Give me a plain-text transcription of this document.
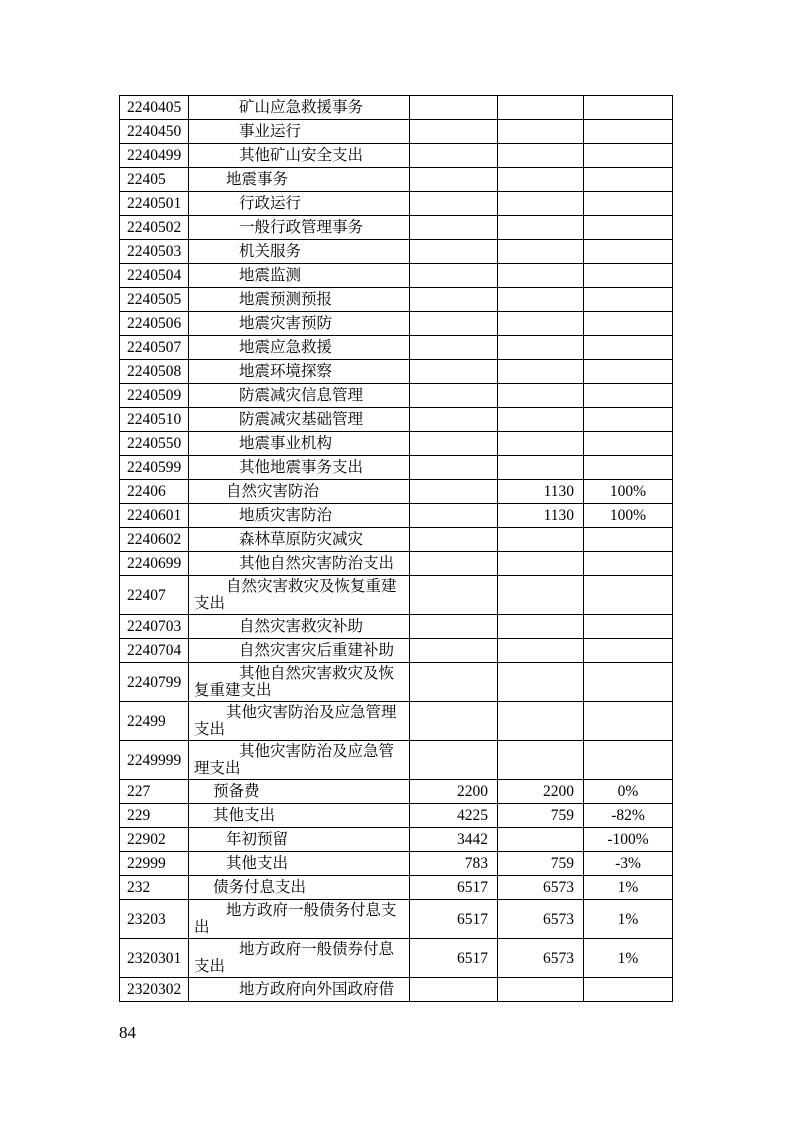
2240405	矿山应急救援事务			
2240450	事业运行			
2240499	其他矿山安全支出			
22405	地震事务			
2240501	行政运行			
2240502	一般行政管理事务			
2240503	机关服务			
2240504	地震监测			
2240505	地震预测预报			
2240506	地震灾害预防			
2240507	地震应急救援			
2240508	地震环境探察			
2240509	防震减灾信息管理			
2240510	防震减灾基础管理			
2240550	地震事业机构			
2240599	其他地震事务支出			
22406	自然灾害防治		1130	100%
2240601	地质灾害防治		1130	100%
2240602	森林草原防灾减灾			
2240699	其他自然灾害防治支出			
22407	自然灾害救灾及恢复重建支出			
2240703	自然灾害救灾补助			
2240704	自然灾害灾后重建补助			
2240799	其他自然灾害救灾及恢复重建支出			
22499	其他灾害防治及应急管理支出			
2249999	其他灾害防治及应急管理支出			
227	预备费	2200	2200	0%
229	其他支出	4225	759	-82%
22902	年初预留	3442		-100%
22999	其他支出	783	759	-3%
232	债务付息支出	6517	6573	1%
23203	地方政府一般债务付息支出	6517	6573	1%
2320301	地方政府一般债券付息支出	6517	6573	1%
2320302	地方政府向外国政府借			
84
